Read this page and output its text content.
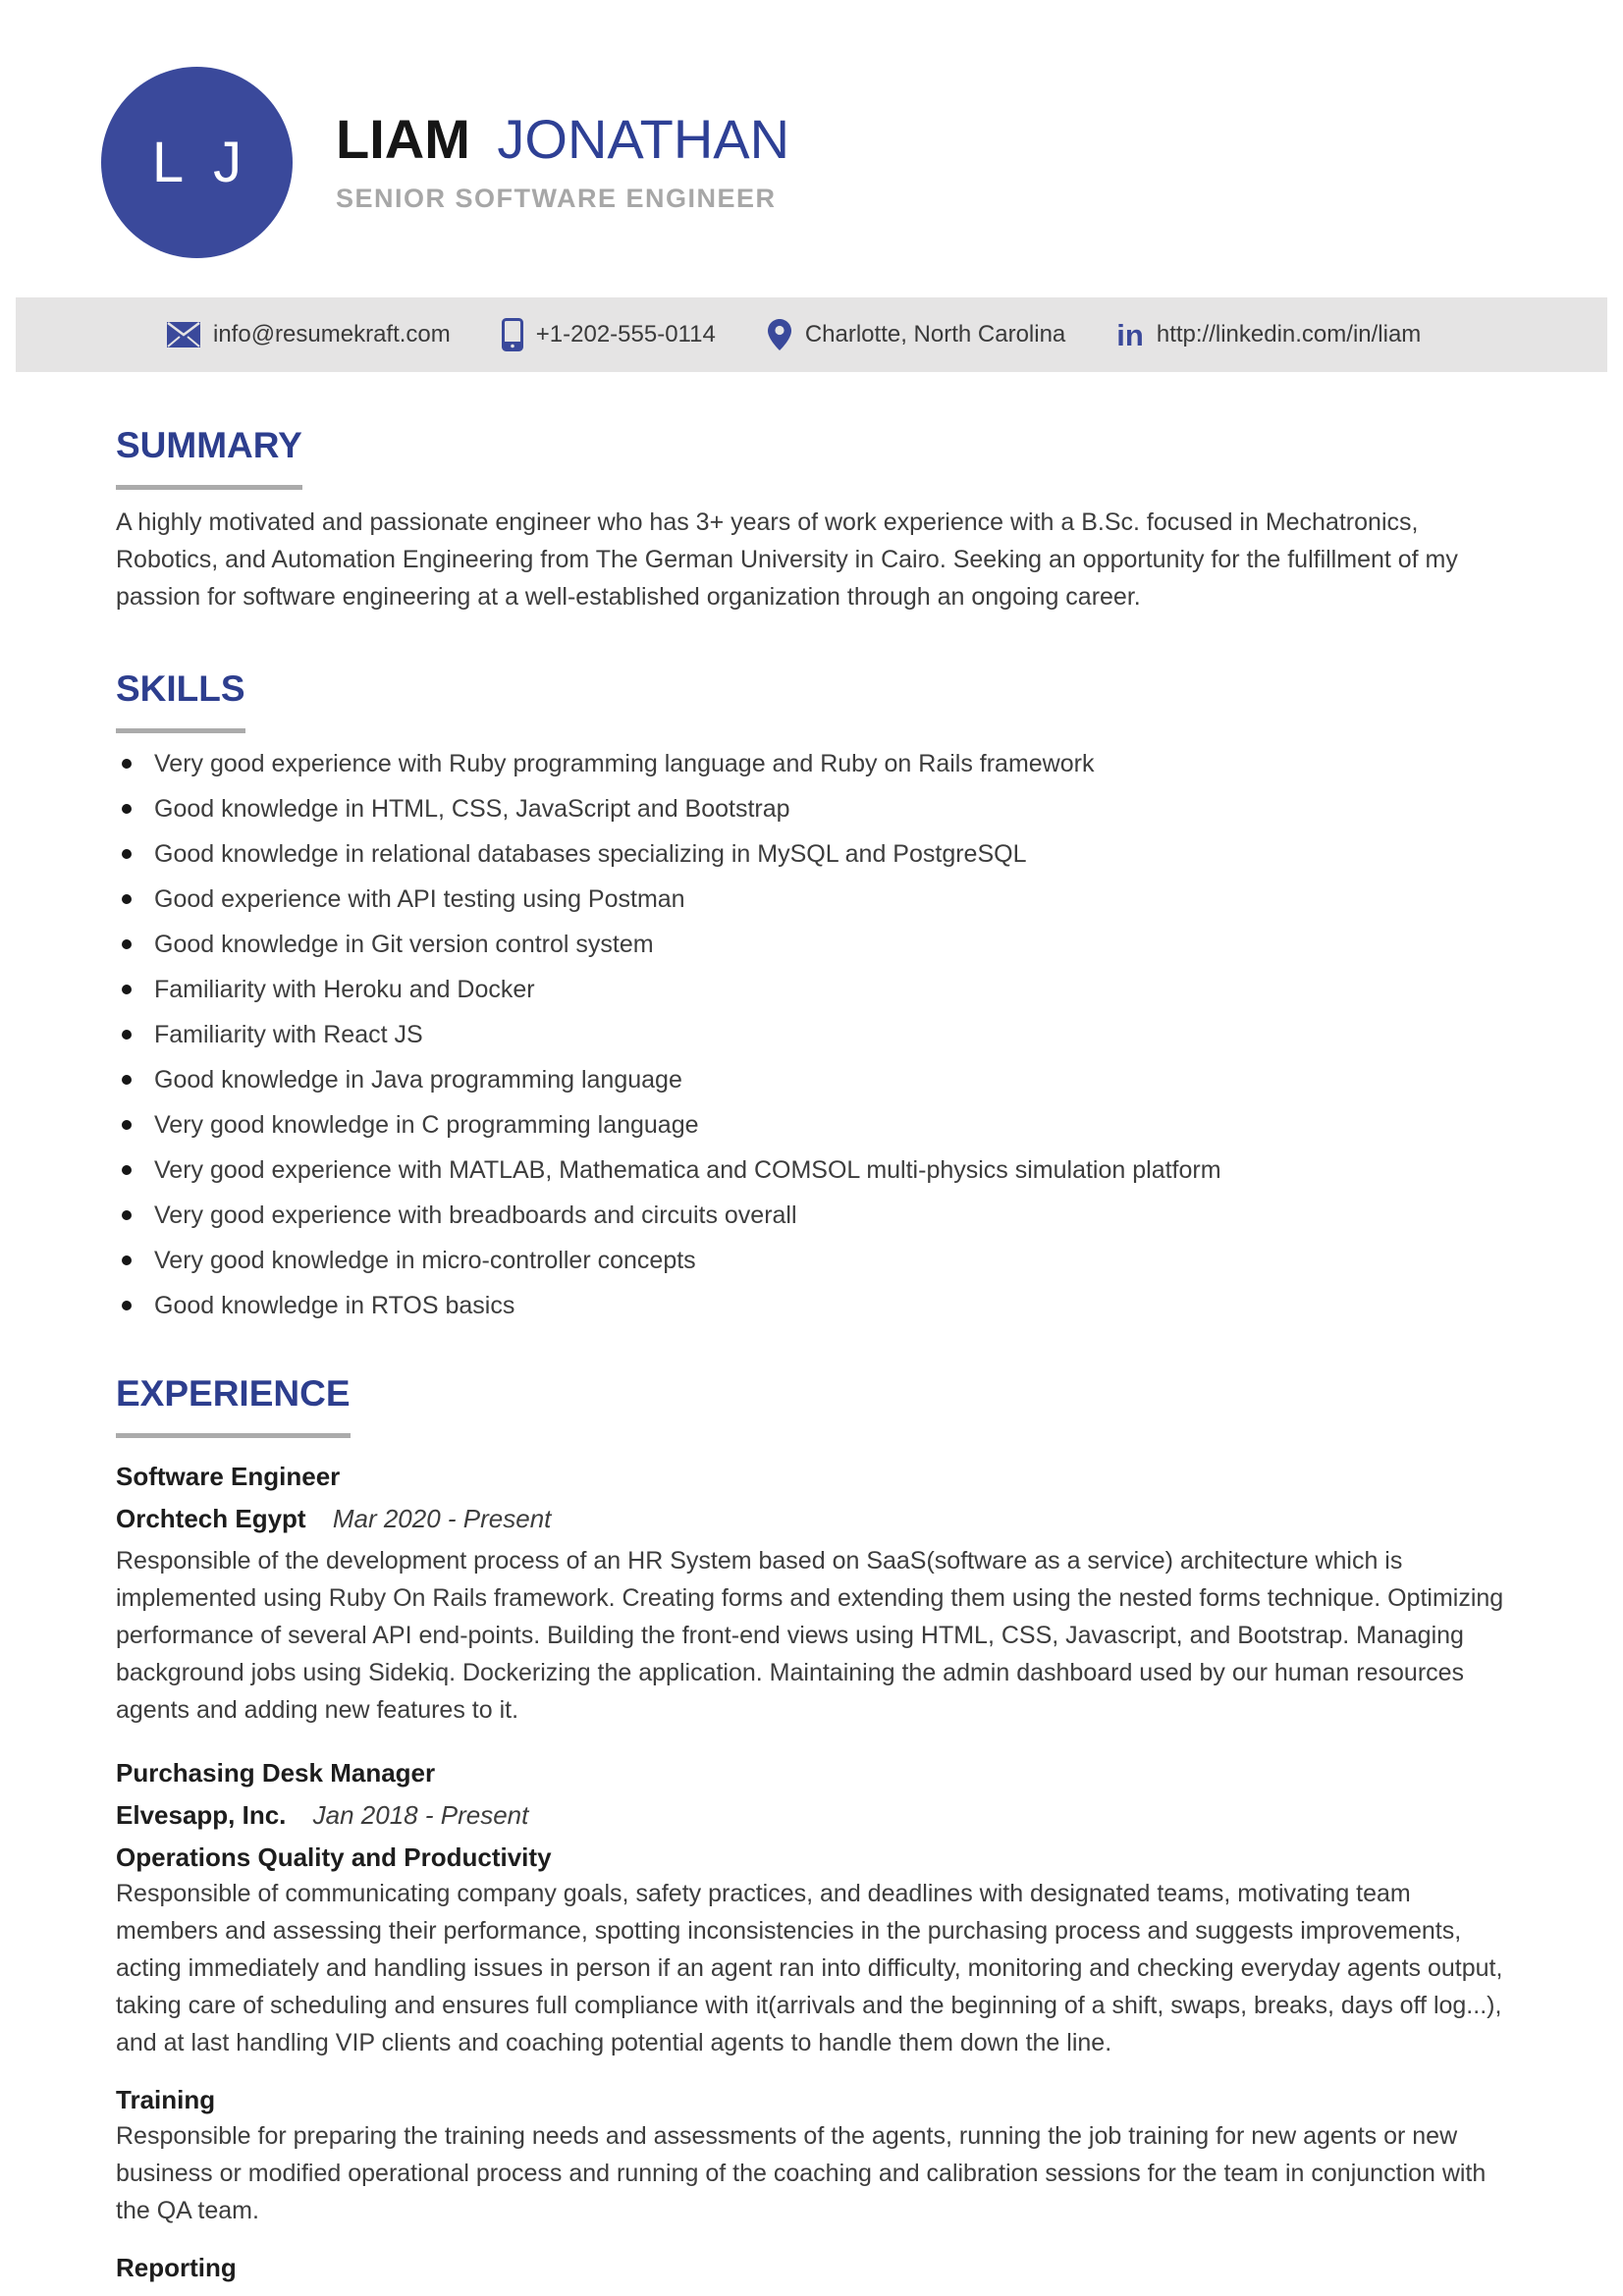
L J LIAM JONATHAN
SENIOR SOFTWARE ENGINEER
info@resumekraft.com	+1-202-555-0114	Charlotte, North Carolina in http://linkedin.com/in/liam
SUMMARY

A highly motivated and passionate engineer who has 3+ years of work experience with a B.Sc. focused in Mechatronics, Robotics, and Automation Engineering from The German University in Cairo. Seeking an opportunity for the fulfillment of my passion for software engineering at a well-established organization through an ongoing career.

SKILLS
Very good experience with Ruby programming language and Ruby on Rails framework
Good knowledge in HTML, CSS, JavaScript and Bootstrap
Good knowledge in relational databases specializing in MySQL and PostgreSQL
Good experience with API testing using Postman
Good knowledge in Git version control system
Familiarity with Heroku and Docker
Familiarity with React JS
Good knowledge in Java programming language
Very good knowledge in C programming language
Very good experience with MATLAB, Mathematica and COMSOL multi-physics simulation platform
Very good experience with breadboards and circuits overall
Very good knowledge in micro-controller concepts
Good knowledge in RTOS basics
EXPERIENCE
Software Engineer
Orchtech Egypt Mar 2020 - Present

Responsible of the development process of an HR System based on SaaS(software as a service) architecture which is implemented using Ruby On Rails framework. Creating forms and extending them using the nested forms technique. Optimizing performance of several API end-points. Building the front-end views using HTML, CSS, Javascript, and Bootstrap. Managing background jobs using Sidekiq. Dockerizing the application. Maintaining the admin dashboard used by our human resources agents and adding new features to it.

Purchasing Desk Manager
Elvesapp, Inc. Jan 2018 - Present
Operations Quality and Productivity

Responsible of communicating company goals, safety practices, and deadlines with designated teams, motivating team members and assessing their performance, spotting inconsistencies in the purchasing process and suggests improvements, acting immediately and handling issues in person if an agent ran into difficulty, monitoring and checking everyday agents output, taking care of scheduling and ensures full compliance with it(arrivals and the beginning of a shift, swaps, breaks, days off log...), and at last handling VIP clients and coaching potential agents to handle them down the line.

Training

Responsible for preparing the training needs and assessments of the agents, running the job training for new agents or new business or modified operational process and running of the coaching and calibration sessions for the team in conjunction with the QA team.

Reporting
